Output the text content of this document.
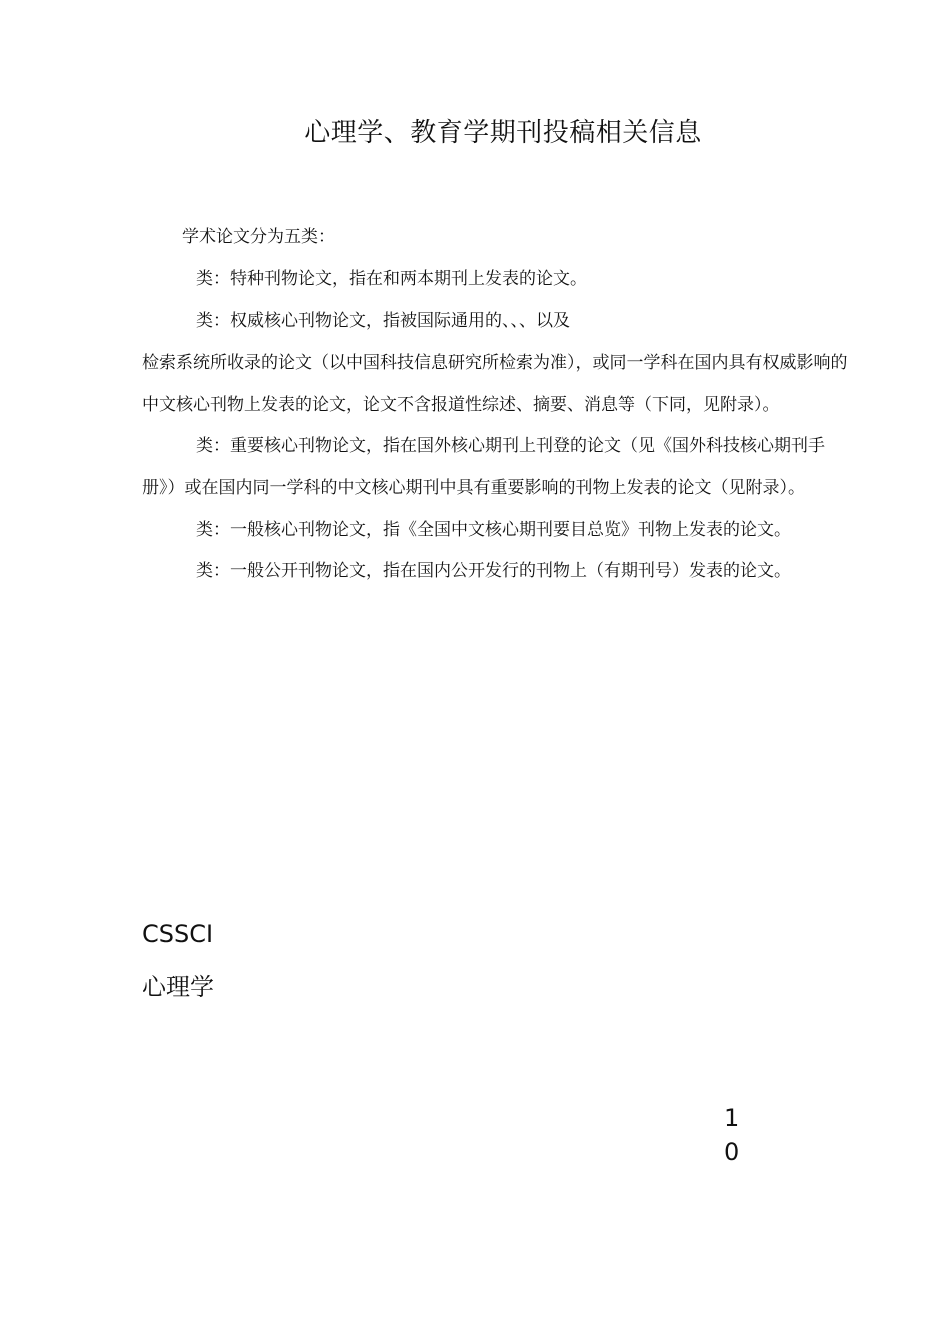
心理学、教育学期刊投稿相关信息
学术论文分为五类：
类：特种刊物论文，指在和两本期刊上发表的论文。
类：权威核心刊物论文，指被国际通用的、、、以及
检索系统所收录的论文（以中国科技信息研究所检索为准），或同一学科在国内具有权威影响的
中文核心刊物上发表的论文，论文不含报道性综述、摘要、消息等（下同，见附录）。
类：重要核心刊物论文，指在国外核心期刊上刊登的论文（见《国外科技核心期刊手
册》）或在国内同一学科的中文核心期刊中具有重要影响的刊物上发表的论文（见附录）。
类：一般核心刊物论文，指《全国中文核心期刊要目总览》刊物上发表的论文。
类：一般公开刊物论文，指在国内公开发行的刊物上（有期刊号）发表的论文。
CSSCI
心理学
1
0
